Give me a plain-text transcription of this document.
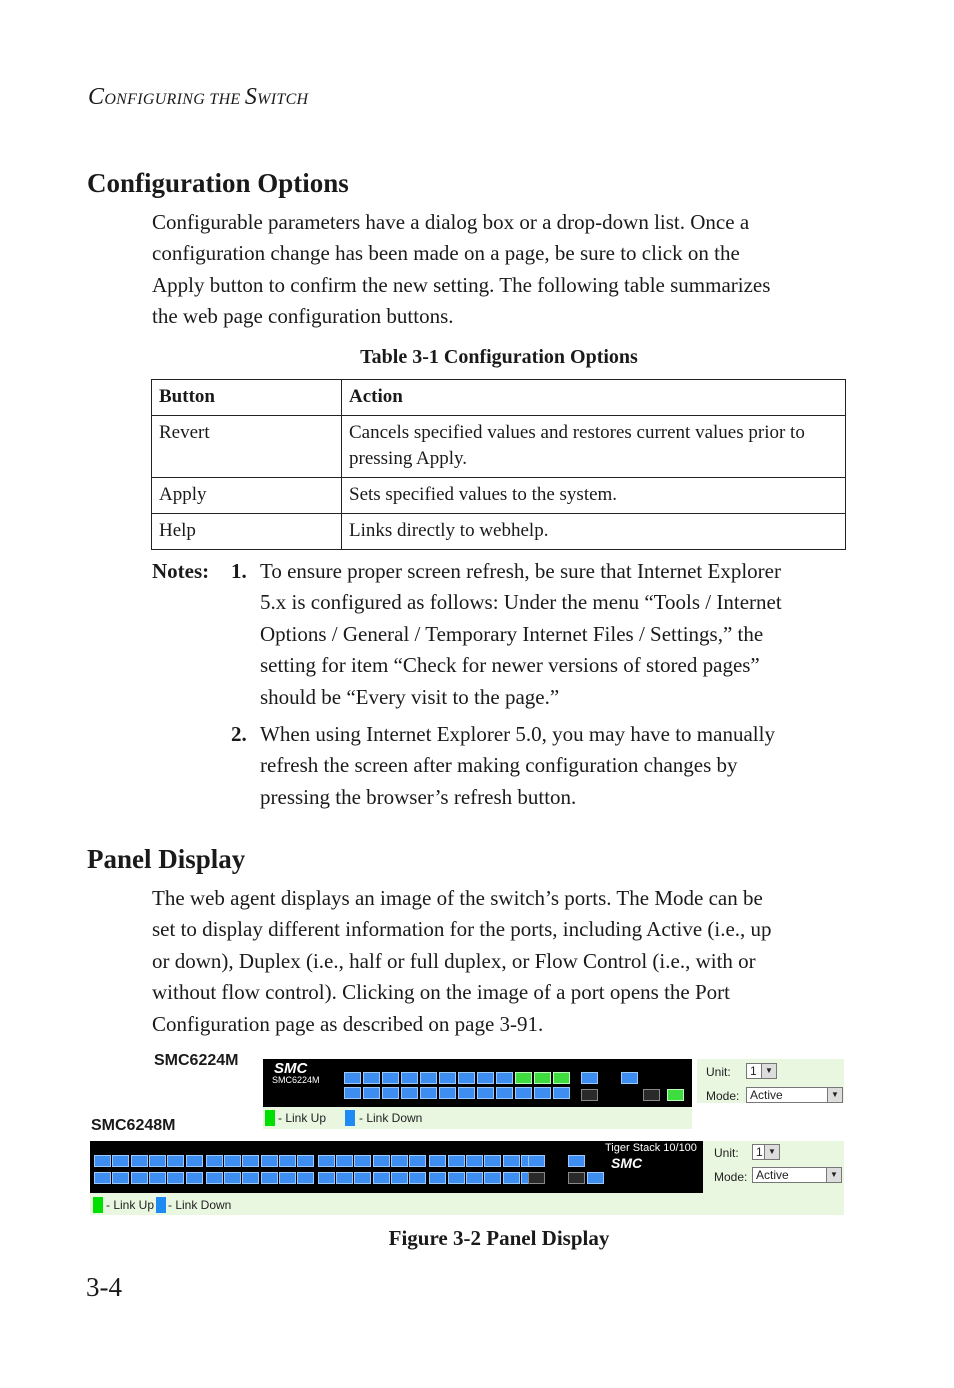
CONFIGURING THE SWITCH
Configuration Options
Configurable parameters have a dialog box or a drop-down list. Once a
configuration change has been made on a page, be sure to click on the
Apply button to confirm the new setting. The following table summarizes
the web page configuration buttons.
Table 3-1 Configuration Options
Button	Action
Revert	Cancels specified values and restores current values prior to
pressing Apply.

Apply	Sets specified values to the system.
Help	Links directly to webhelp.
Notes: 1. To ensure proper screen refresh, be sure that Internet Explorer
5.x is configured as follows: Under the menu “Tools / Internet
Options / General / Temporary Internet Files / Settings,” the
setting for item “Check for newer versions of stored pages”
should be “Every visit to the page.”
2. When using Internet Explorer 5.0, you may have to manually
refresh the screen after making configuration changes by
pressing the browser’s refresh button.
Panel Display
The web agent displays an image of the switch’s ports. The Mode can be
set to display different information for the ports, including Active (i.e., up
or down), Duplex (i.e., half or full duplex, or Flow Control (i.e., with or
without flow control). Clicking on the image of a port opens the Port
Configuration page as described on page 3-91.
SMC6224M SMC
SMC6224M
- Link Up	- Link Down
Unit:	1	▼
Mode: Active	▼
SMC6248M
Tiger Stack 10/100
SMC
- Link Up - Link Down
Unit:	1 ▼
Mode: Active	▼
Figure 3-2 Panel Display
3-4
